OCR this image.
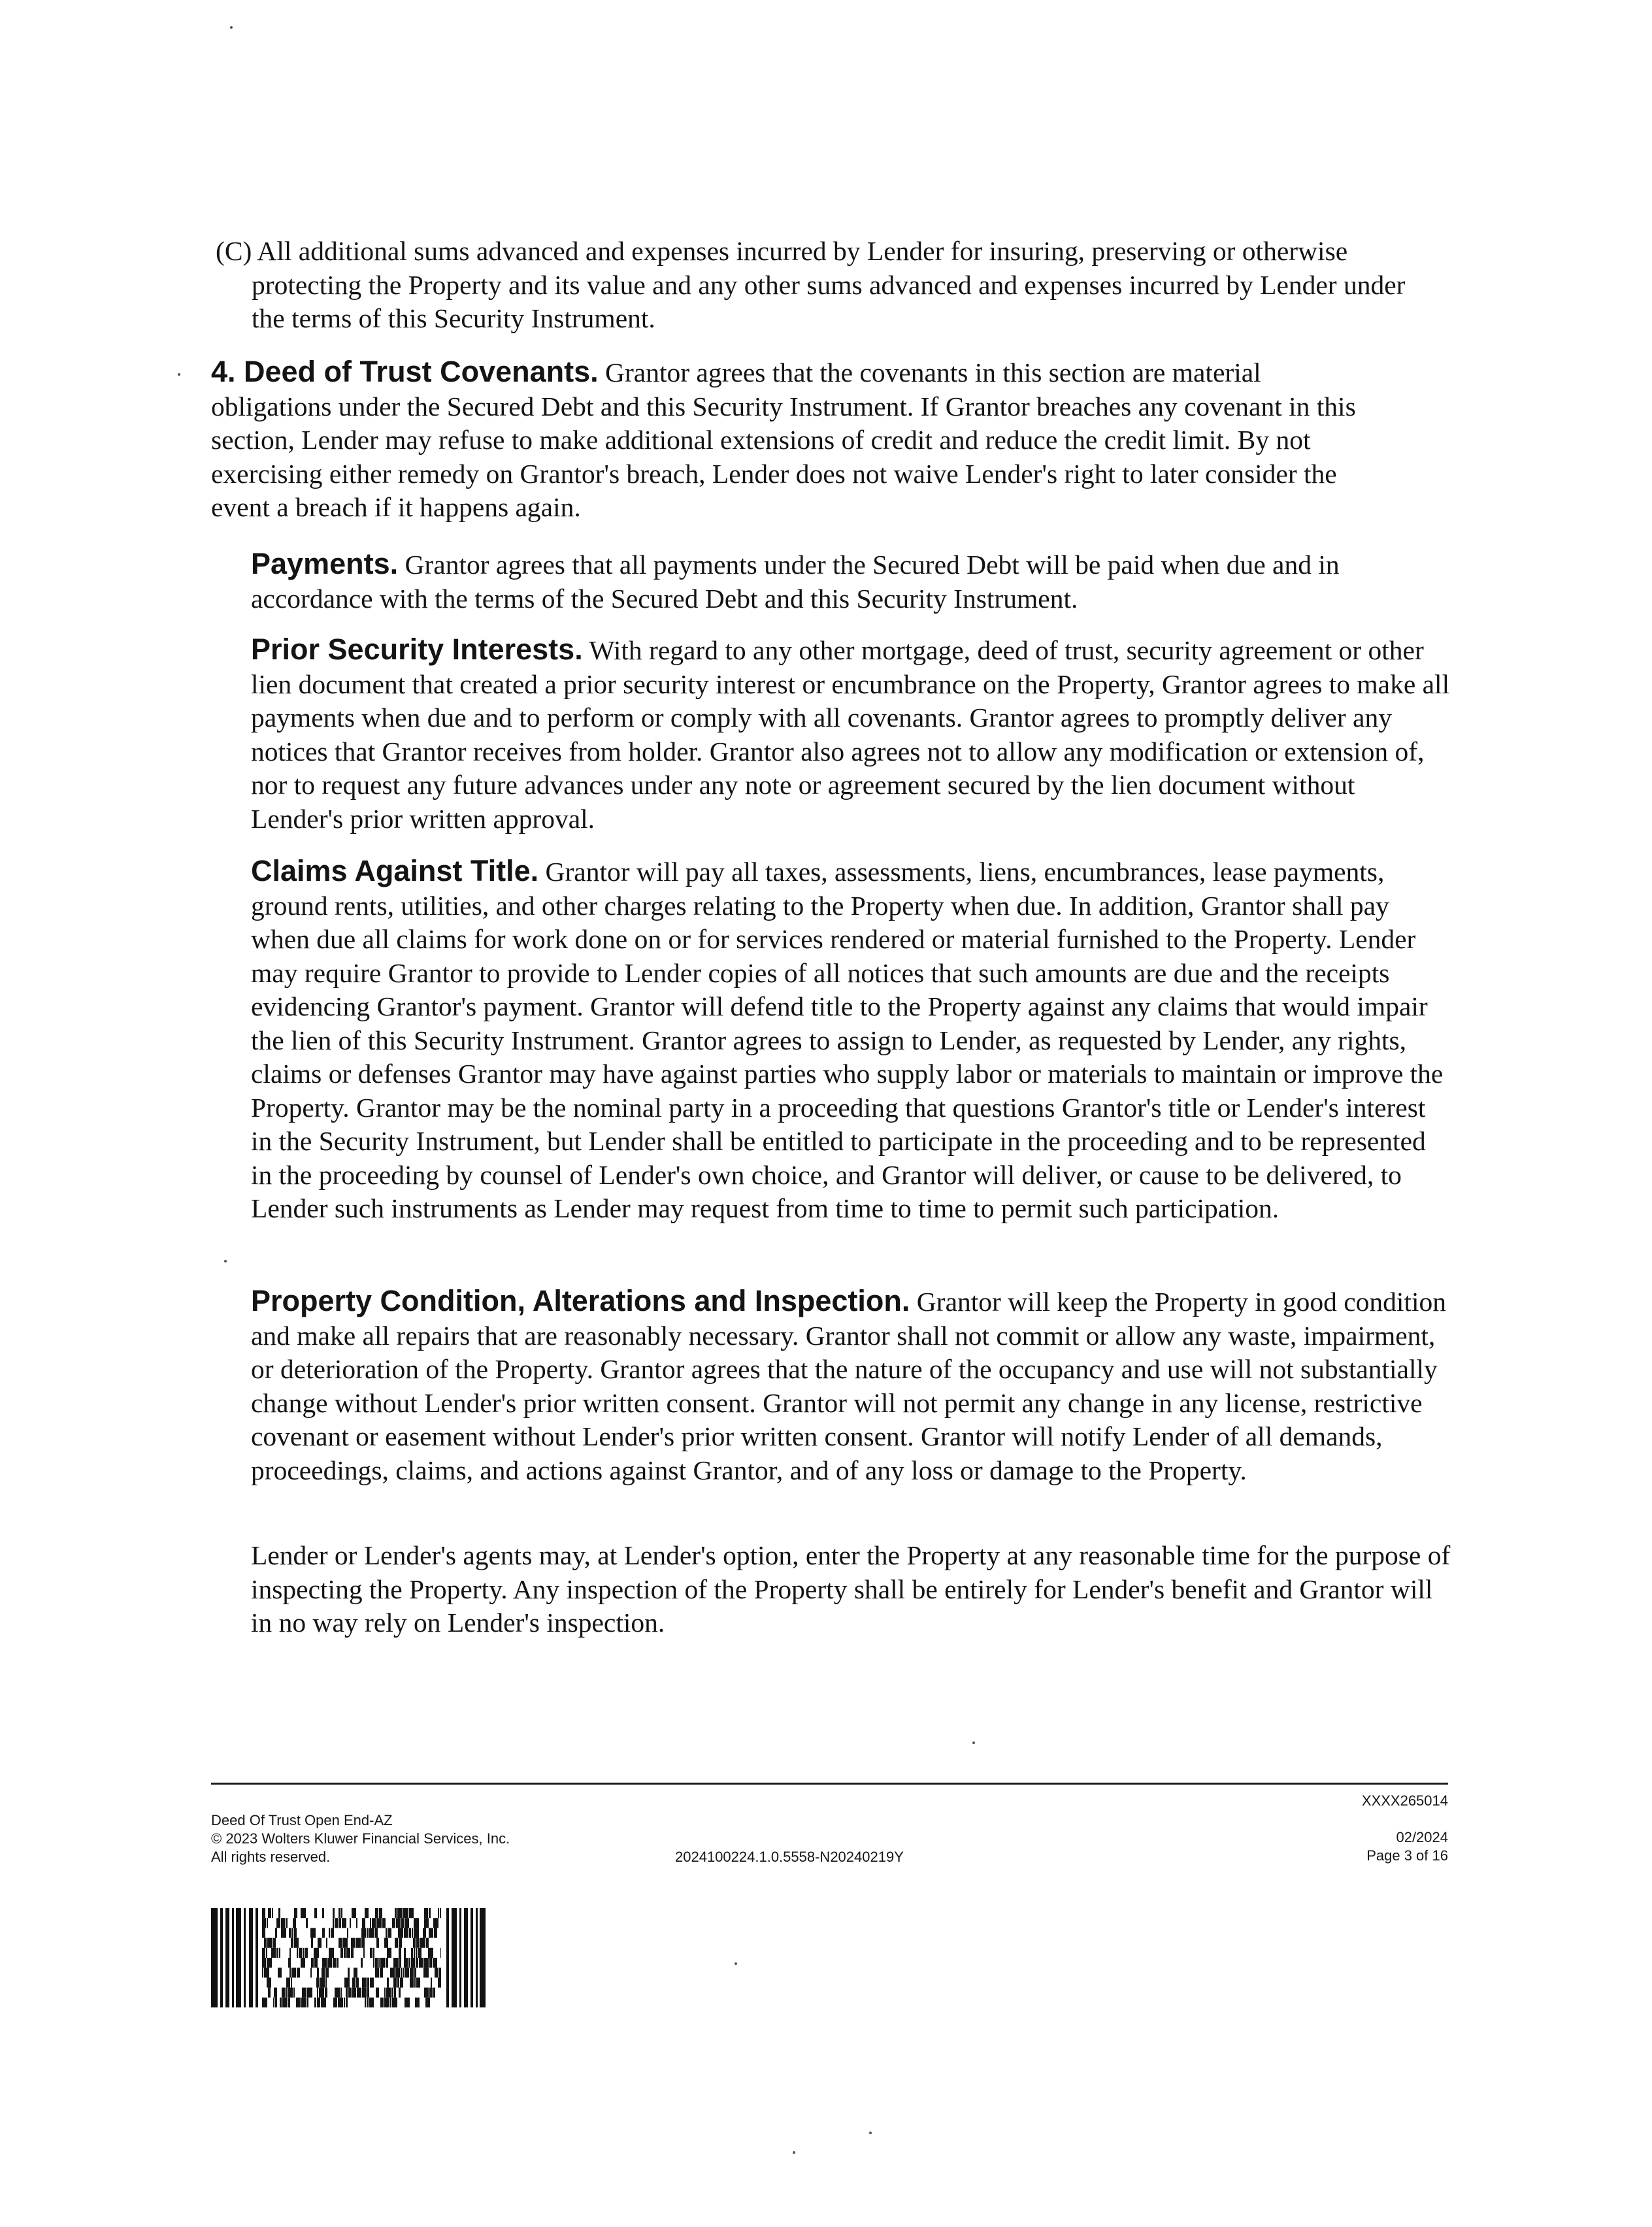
(C) All additional sums advanced and expenses incurred by Lender for insuring, preserving or otherwise protecting the Property and its value and any other sums advanced and expenses incurred by Lender under the terms of this Security Instrument.
4. Deed of Trust Covenants. Grantor agrees that the covenants in this section are material obligations under the Secured Debt and this Security Instrument. If Grantor breaches any covenant in this section, Lender may refuse to make additional extensions of credit and reduce the credit limit. By not exercising either remedy on Grantor's breach, Lender does not waive Lender's right to later consider the event a breach if it happens again.
Payments. Grantor agrees that all payments under the Secured Debt will be paid when due and in accordance with the terms of the Secured Debt and this Security Instrument.
Prior Security Interests. With regard to any other mortgage, deed of trust, security agreement or other lien document that created a prior security interest or encumbrance on the Property, Grantor agrees to make all payments when due and to perform or comply with all covenants. Grantor agrees to promptly deliver any notices that Grantor receives from holder. Grantor also agrees not to allow any modification or extension of, nor to request any future advances under any note or agreement secured by the lien document without Lender's prior written approval.
Claims Against Title. Grantor will pay all taxes, assessments, liens, encumbrances, lease payments, ground rents, utilities, and other charges relating to the Property when due. In addition, Grantor shall pay when due all claims for work done on or for services rendered or material furnished to the Property. Lender may require Grantor to provide to Lender copies of all notices that such amounts are due and the receipts evidencing Grantor's payment. Grantor will defend title to the Property against any claims that would impair the lien of this Security Instrument. Grantor agrees to assign to Lender, as requested by Lender, any rights, claims or defenses Grantor may have against parties who supply labor or materials to maintain or improve the Property. Grantor may be the nominal party in a proceeding that questions Grantor's title or Lender's interest in the Security Instrument, but Lender shall be entitled to participate in the proceeding and to be represented in the proceeding by counsel of Lender's own choice, and Grantor will deliver, or cause to be delivered, to Lender such instruments as Lender may request from time to time to permit such participation.
Property Condition, Alterations and Inspection. Grantor will keep the Property in good condition and make all repairs that are reasonably necessary. Grantor shall not commit or allow any waste, impairment, or deterioration of the Property. Grantor agrees that the nature of the occupancy and use will not substantially change without Lender's prior written consent. Grantor will not permit any change in any license, restrictive covenant or easement without Lender's prior written consent. Grantor will notify Lender of all demands, proceedings, claims, and actions against Grantor, and of any loss or damage to the Property.
Lender or Lender's agents may, at Lender's option, enter the Property at any reasonable time for the purpose of inspecting the Property. Any inspection of the Property shall be entirely for Lender's benefit and Grantor will in no way rely on Lender's inspection.
Deed Of Trust Open End-AZ
© 2023 Wolters Kluwer Financial Services, Inc.
All rights reserved.	2024100224.1.0.5558-N20240219Y
XXXX265014
02/2024
Page 3 of 16
